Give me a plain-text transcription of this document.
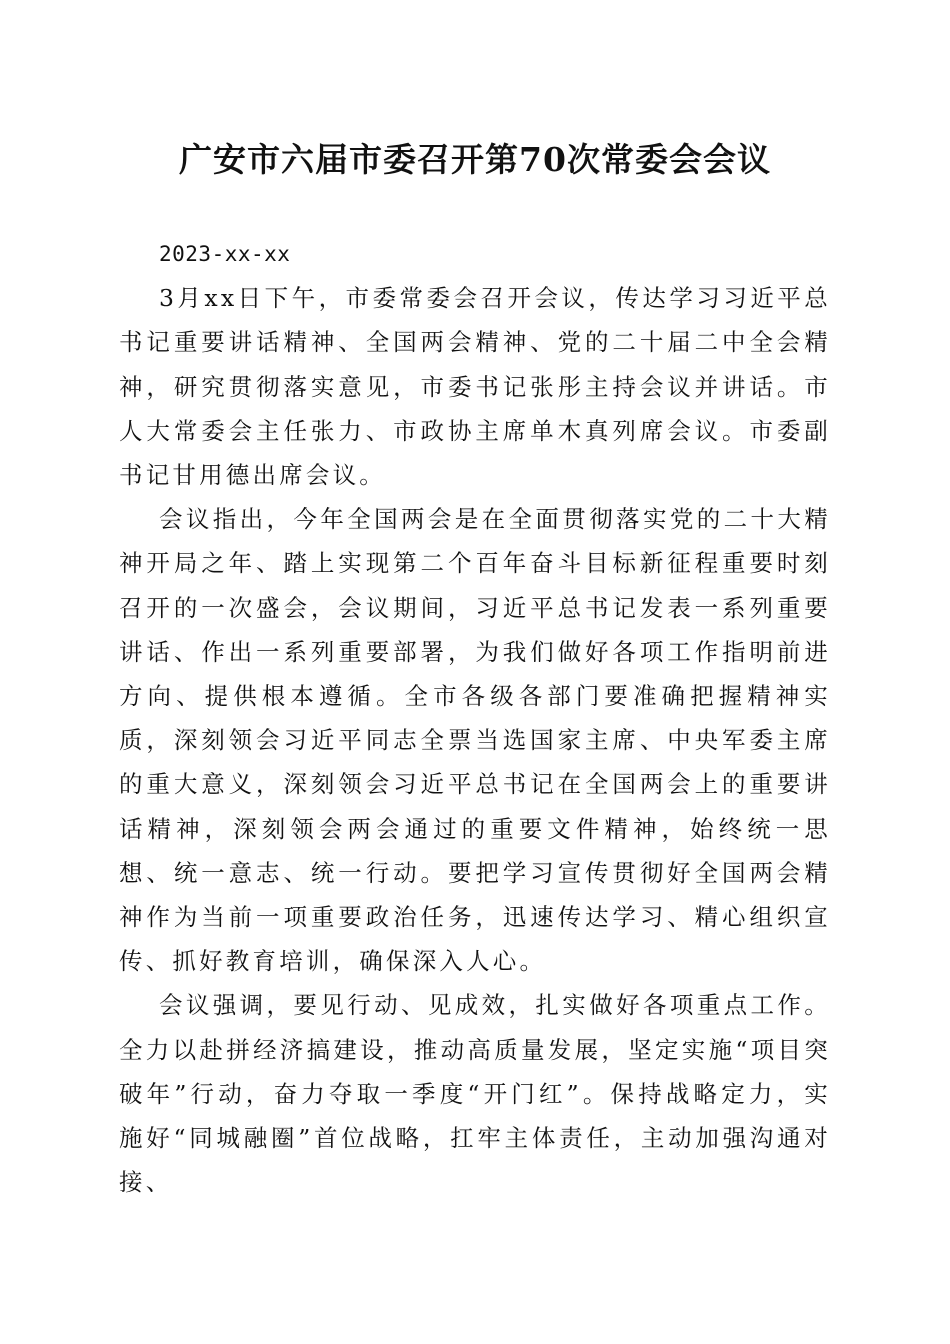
广安市六届市委召开第70次常委会会议

2023-xx-xx

3月xx日下午，市委常委会召开会议，传达学习习近平总书记重要讲话精神、全国两会精神、党的二十届二中全会精神，研究贯彻落实意见，市委书记张彤主持会议并讲话。市人大常委会主任张力、市政协主席单木真列席会议。市委副书记甘用德出席会议。

会议指出，今年全国两会是在全面贯彻落实党的二十大精神开局之年、踏上实现第二个百年奋斗目标新征程重要时刻召开的一次盛会，会议期间，习近平总书记发表一系列重要讲话、作出一系列重要部署，为我们做好各项工作指明前进方向、提供根本遵循。全市各级各部门要准确把握精神实质，深刻领会习近平同志全票当选国家主席、中央军委主席的重大意义，深刻领会习近平总书记在全国两会上的重要讲话精神，深刻领会两会通过的重要文件精神，始终统一思想、统一意志、统一行动。要把学习宣传贯彻好全国两会精神作为当前一项重要政治任务，迅速传达学习、精心组织宣传、抓好教育培训，确保深入人心。

会议强调，要见行动、见成效，扎实做好各项重点工作。全力以赴拼经济搞建设，推动高质量发展，坚定实施“项目突破年”行动，奋力夺取一季度“开门红”。保持战略定力，实施好“同城融圈”首位战略，扛牢主体责任，主动加强沟通对接、
